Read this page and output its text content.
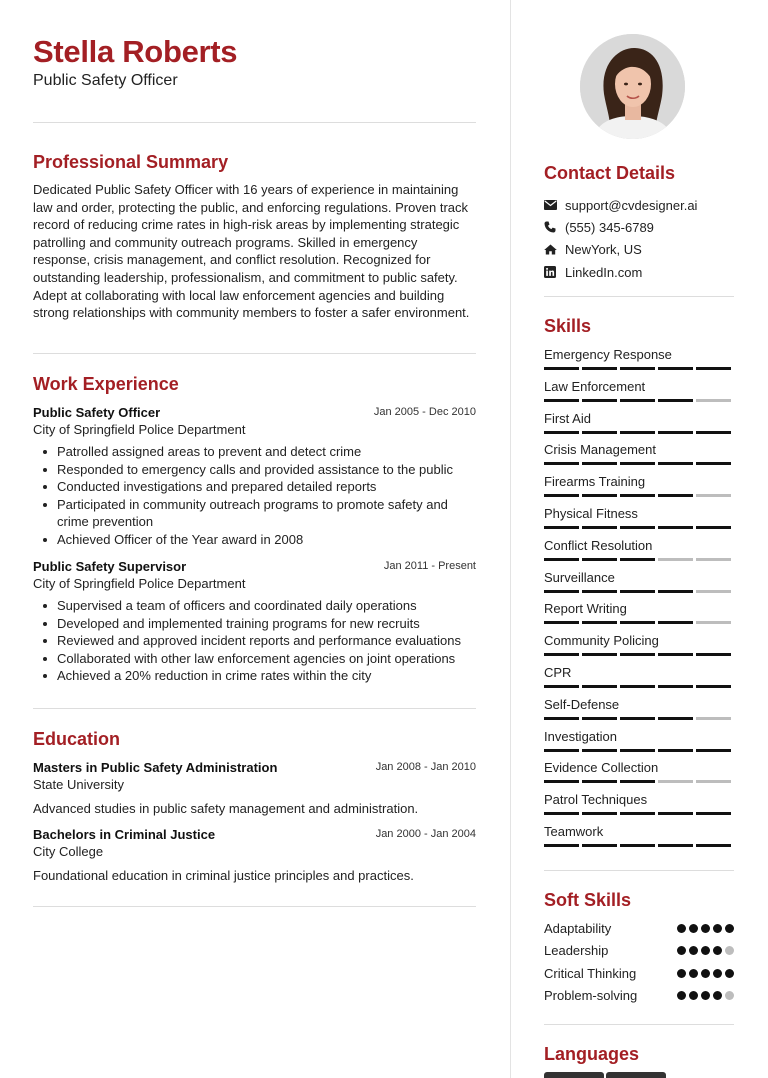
Stella Roberts
Public Safety Officer
Professional Summary
Dedicated Public Safety Officer with 16 years of experience in maintaining law and order, protecting the public, and enforcing regulations. Proven track record of reducing crime rates in high-risk areas by implementing strategic patrolling and community outreach programs. Skilled in emergency response, crisis management, and conflict resolution. Recognized for outstanding leadership, professionalism, and commitment to public safety. Adept at collaborating with local law enforcement agencies and building strong relationships with community members to foster a safer environment.
Work Experience
Public Safety Officer	Jan 2005 - Dec 2010
City of Springfield Police Department
Patrolled assigned areas to prevent and detect crime
Responded to emergency calls and provided assistance to the public
Conducted investigations and prepared detailed reports
Participated in community outreach programs to promote safety and crime prevention
Achieved Officer of the Year award in 2008
Public Safety Supervisor	Jan 2011 - Present
City of Springfield Police Department
Supervised a team of officers and coordinated daily operations
Developed and implemented training programs for new recruits
Reviewed and approved incident reports and performance evaluations
Collaborated with other law enforcement agencies on joint operations
Achieved a 20% reduction in crime rates within the city
Education
Masters in Public Safety Administration	Jan 2008 - Jan 2010
State University
Advanced studies in public safety management and administration.
Bachelors in Criminal Justice	Jan 2000 - Jan 2004
City College
Foundational education in criminal justice principles and practices.
Contact Details
support@cvdesigner.ai
(555) 345-6789
NewYork, US
LinkedIn.com
Skills
Emergency Response
Law Enforcement
First Aid
Crisis Management
Firearms Training
Physical Fitness
Conflict Resolution
Surveillance
Report Writing
Community Policing
CPR
Self-Defense
Investigation
Evidence Collection
Patrol Techniques
Teamwork
Soft Skills
Adaptability
Leadership
Critical Thinking
Problem-solving
Languages
